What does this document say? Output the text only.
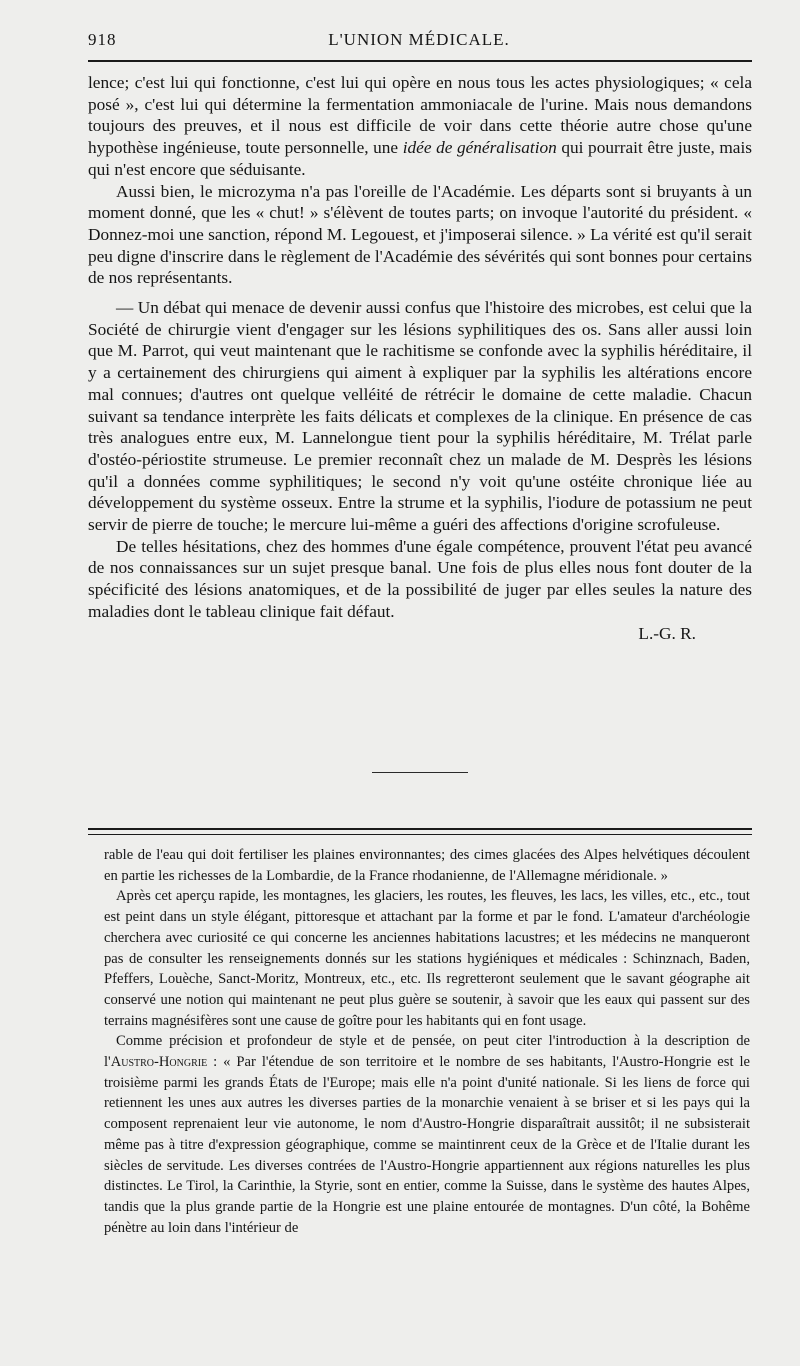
918	L'UNION MÉDICALE.

lence; c'est lui qui fonctionne, c'est lui qui opère en nous tous les actes physiologiques; « cela posé », c'est lui qui détermine la fermentation ammoniacale de l'urine. Mais nous demandons toujours des preuves, et il nous est difficile de voir dans cette théorie autre chose qu'une hypothèse ingénieuse, toute personnelle, une idée de généralisation qui pourrait être juste, mais qui n'est encore que séduisante.

Aussi bien, le microzyma n'a pas l'oreille de l'Académie. Les départs sont si bruyants à un moment donné, que les « chut! » s'élèvent de toutes parts; on invoque l'autorité du président. « Donnez-moi une sanction, répond M. Legouest, et j'imposerai silence. » La vérité est qu'il serait peu digne d'inscrire dans le règlement de l'Académie des sévérités qui sont bonnes pour certains de nos représentants.

— Un débat qui menace de devenir aussi confus que l'histoire des microbes, est celui que la Société de chirurgie vient d'engager sur les lésions syphilitiques des os. Sans aller aussi loin que M. Parrot, qui veut maintenant que le rachitisme se confonde avec la syphilis héréditaire, il y a certainement des chirurgiens qui aiment à expliquer par la syphilis les altérations encore mal connues; d'autres ont quelque velléité de rétrécir le domaine de cette maladie. Chacun suivant sa tendance interprète les faits délicats et complexes de la clinique. En présence de cas très analogues entre eux, M. Lannelongue tient pour la syphilis héréditaire, M. Trélat parle d'ostéo-périostite strumeuse. Le premier reconnaît chez un malade de M. Desprès les lésions qu'il a données comme syphilitiques; le second n'y voit qu'une ostéite chronique liée au développement du système osseux. Entre la strume et la syphilis, l'iodure de potassium ne peut servir de pierre de touche; le mercure lui-même a guéri des affections d'origine scrofuleuse.

De telles hésitations, chez des hommes d'une égale compétence, prouvent l'état peu avancé de nos connaissances sur un sujet presque banal. Une fois de plus elles nous font douter de la spécificité des lésions anatomiques, et de la possibilité de juger par elles seules la nature des maladies dont le tableau clinique fait défaut.

L.-G. R.

rable de l'eau qui doit fertiliser les plaines environnantes; des cimes glacées des Alpes helvétiques découlent en partie les richesses de la Lombardie, de la France rhodanienne, de l'Allemagne méridionale. »

Après cet aperçu rapide, les montagnes, les glaciers, les routes, les fleuves, les lacs, les villes, etc., etc., tout est peint dans un style élégant, pittoresque et attachant par la forme et par le fond. L'amateur d'archéologie cherchera avec curiosité ce qui concerne les anciennes habitations lacustres; et les médecins ne manqueront pas de consulter les renseignements donnés sur les stations hygiéniques et médicales : Schinznach, Baden, Pfeffers, Louèche, Sanct-Moritz, Montreux, etc., etc. Ils regretteront seulement que le savant géographe ait conservé une notion qui maintenant ne peut plus guère se soutenir, à savoir que les eaux qui passent sur des terrains magnésifères sont une cause de goître pour les habitants qui en font usage.

Comme précision et profondeur de style et de pensée, on peut citer l'introduction à la description de l'Austro-Hongrie : « Par l'étendue de son territoire et le nombre de ses habitants, l'Austro-Hongrie est le troisième parmi les grands États de l'Europe; mais elle n'a point d'unité nationale. Si les liens de force qui retiennent les unes aux autres les diverses parties de la monarchie venaient à se briser et si les pays qui la composent reprenaient leur vie autonome, le nom d'Austro-Hongrie disparaîtrait aussitôt; il ne subsisterait même pas à titre d'expression géographique, comme se maintinrent ceux de la Grèce et de l'Italie durant les siècles de servitude. Les diverses contrées de l'Austro-Hongrie appartiennent aux régions naturelles les plus distinctes. Le Tirol, la Carinthie, la Styrie, sont en entier, comme la Suisse, dans le système des hautes Alpes, tandis que la plus grande partie de la Hongrie est une plaine entourée de montagnes. D'un côté, la Bohême pénètre au loin dans l'intérieur de
